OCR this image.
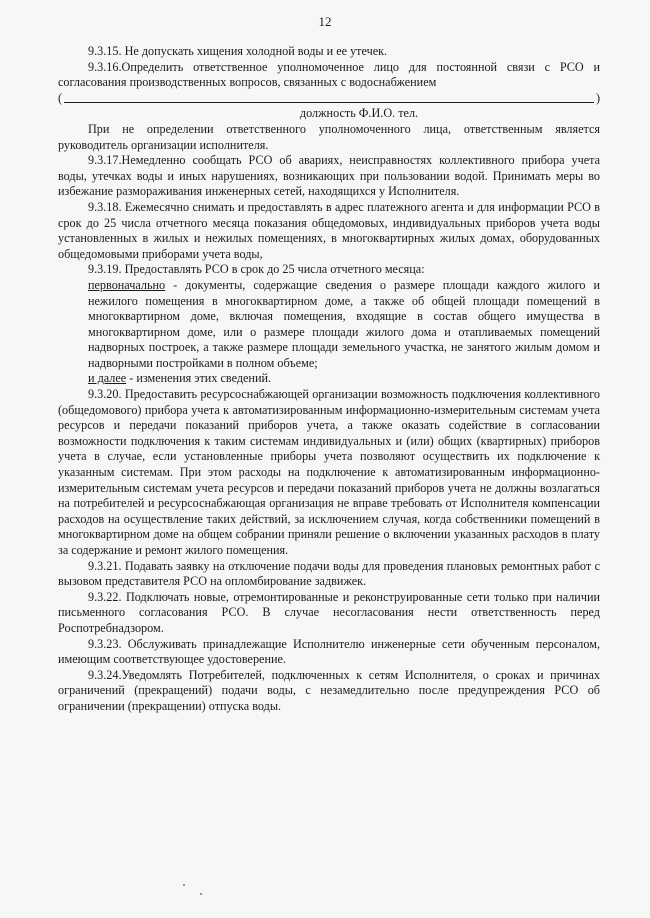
12

9.3.15. Не допускать хищения холодной воды и ее утечек.

9.3.16.Определить ответственное уполномоченное лицо для постоянной связи с РСО и согласования производственных вопросов, связанных с водоснабжением

(	)

должность Ф.И.О. тел.

При не определении ответственного уполномоченного лица, ответственным является руководитель организации исполнителя.

9.3.17.Немедленно сообщать РСО об авариях, неисправностях коллективного прибора учета воды, утечках воды и иных нарушениях, возникающих при пользовании водой. Принимать меры во избежание размораживания инженерных сетей, находящихся у Исполнителя.

9.3.18. Ежемесячно снимать и предоставлять в адрес платежного агента и для информации РСО в срок до 25 числа отчетного месяца показания общедомовых, индивидуальных приборов учета воды установленных в жилых и нежилых помещениях, в многоквартирных жилых домах, оборудованных общедомовыми приборами учета воды,

9.3.19. Предоставлять РСО в срок до 25 числа отчетного месяца:

первоначально - документы, содержащие сведения о размере площади каждого жилого и нежилого помещения в многоквартирном доме, а также об общей площади помещений в многоквартирном доме, включая помещения, входящие в состав общего имущества в многоквартирном доме, или о размере площади жилого дома и отапливаемых помещений надворных построек, а также размере площади земельного участка, не занятого жилым домом и надворными постройками в полном объеме;

и далее - изменения этих сведений.

9.3.20. Предоставить ресурсоснабжающей организации возможность подключения коллективного (общедомового) прибора учета к автоматизированным информационно-измерительным системам учета ресурсов и передачи показаний приборов учета, а также оказать содействие в согласовании возможности подключения к таким системам индивидуальных и (или) общих (квартирных) приборов учета в случае, если установленные приборы учета позволяют осуществить их подключение к указанным системам. При этом расходы на подключение к автоматизированным информационно-измерительным системам учета ресурсов и передачи показаний приборов учета не должны возлагаться на потребителей и ресурсоснабжающая организация не вправе требовать от Исполнителя компенсации расходов на осуществление таких действий, за исключением случая, когда собственники помещений в многоквартирном доме на общем собрании приняли решение о включении указанных расходов в плату за содержание и ремонт жилого помещения.

9.3.21. Подавать заявку на отключение подачи воды для проведения плановых ремонтных работ с вызовом представителя РСО на опломбирование задвижек.

9.3.22. Подключать новые, отремонтированные и реконструированные сети только при наличии письменного согласования РСО. В случае несогласования нести ответственность перед Роспотребнадзором.

9.3.23. Обслуживать принадлежащие Исполнителю инженерные сети обученным персоналом, имеющим соответствующее удостоверение.

9.3.24.Уведомлять Потребителей, подключенных к сетям Исполнителя, о сроках и причинах ограничений (прекращений) подачи воды, с незамедлительно после предупреждения РСО об ограничении (прекращении) отпуска воды.
